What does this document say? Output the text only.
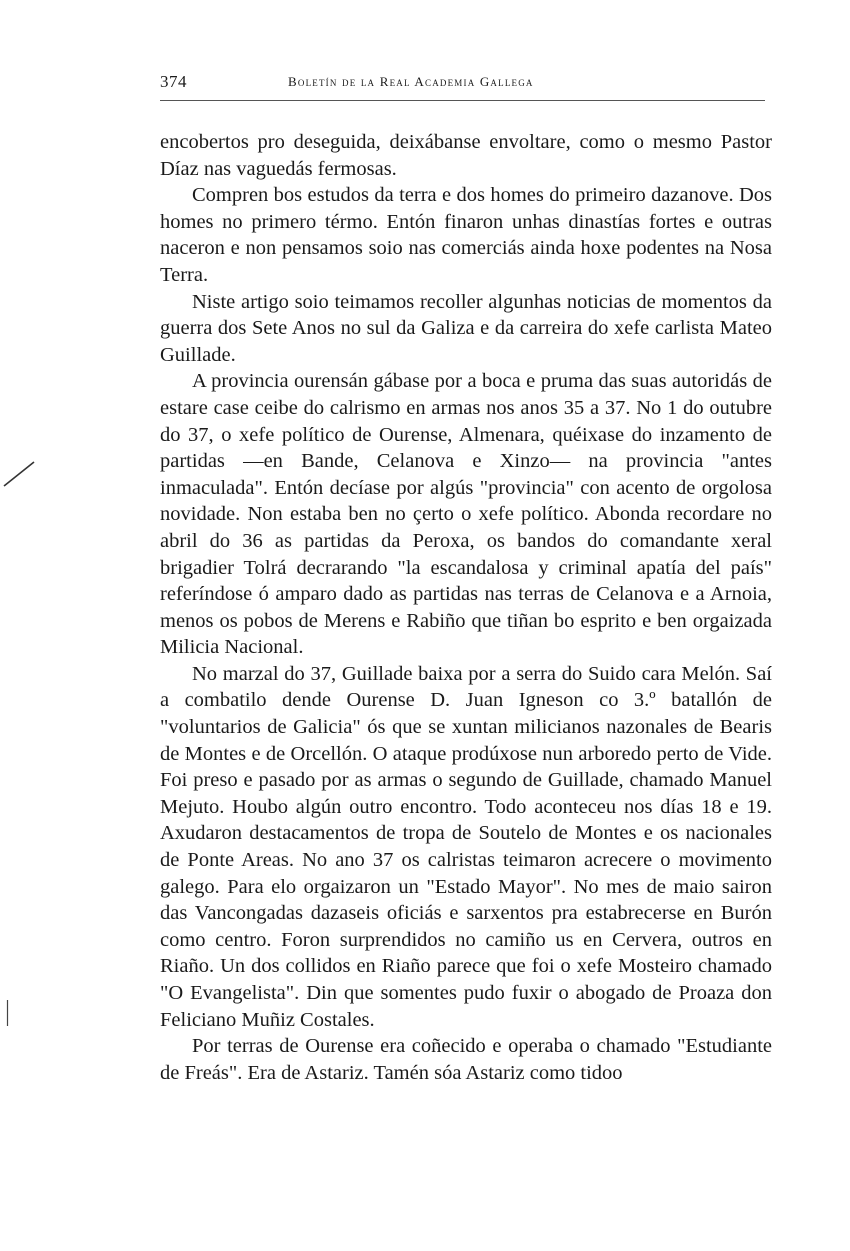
374	Boletín de la Real Academia Gallega

encobertos pro deseguida, deixábanse envoltare, como o mesmo Pastor Díaz nas vaguedás fermosas.

Compren bos estudos da terra e dos homes do primeiro dazanove. Dos homes no primero térmo. Entón finaron unhas dinastías fortes e outras naceron e non pensamos soio nas comerciás ainda hoxe podentes na Nosa Terra.

Niste artigo soio teimamos recoller algunhas noticias de momentos da guerra dos Sete Anos no sul da Galiza e da carreira do xefe carlista Mateo Guillade.

A provincia ourensán gábase por a boca e pruma das suas autoridás de estare case ceibe do calrismo en armas nos anos 35 a 37. No 1 do outubre do 37, o xefe político de Ourense, Almenara, quéixase do inzamento de partidas —en Bande, Celanova e Xinzo— na provincia "antes inmaculada". Entón decíase por algús "provincia" con acento de orgolosa novidade. Non estaba ben no çerto o xefe político. Abonda recordare no abril do 36 as partidas da Peroxa, os bandos do comandante xeral brigadier Tolrá decrarando "la escandalosa y criminal apatía del país" referíndose ó amparo dado as partidas nas terras de Celanova e a Arnoia, menos os pobos de Merens e Rabiño que tiñan bo esprito e ben orgaizada Milicia Nacional.

No marzal do 37, Guillade baixa por a serra do Suido cara Melón. Saí a combatilo dende Ourense D. Juan Igneson co 3.º batallón de "voluntarios de Galicia" ós que se xuntan milicianos nazonales de Bearis de Montes e de Orcellón. O ataque prodúxose nun arboredo perto de Vide. Foi preso e pasado por as armas o segundo de Guillade, chamado Manuel Mejuto. Houbo algún outro encontro. Todo aconteceu nos días 18 e 19. Axudaron destacamentos de tropa de Soutelo de Montes e os nacionales de Ponte Areas. No ano 37 os calristas teimaron acrecere o movimento galego. Para elo orgaizaron un "Estado Mayor". No mes de maio sairon das Vancongadas dazaseis oficiás e sarxentos pra estabrecerse en Burón como centro. Foron surprendidos no camiño us en Cervera, outros en Riaño. Un dos collidos en Riaño parece que foi o xefe Mosteiro chamado "O Evangelista". Din que somentes pudo fuxir o abogado de Proaza don Feliciano Muñiz Costales.

Por terras de Ourense era coñecido e operaba o chamado "Estudiante de Freás". Era de Astariz. Tamén sóa Astariz como tidoo
